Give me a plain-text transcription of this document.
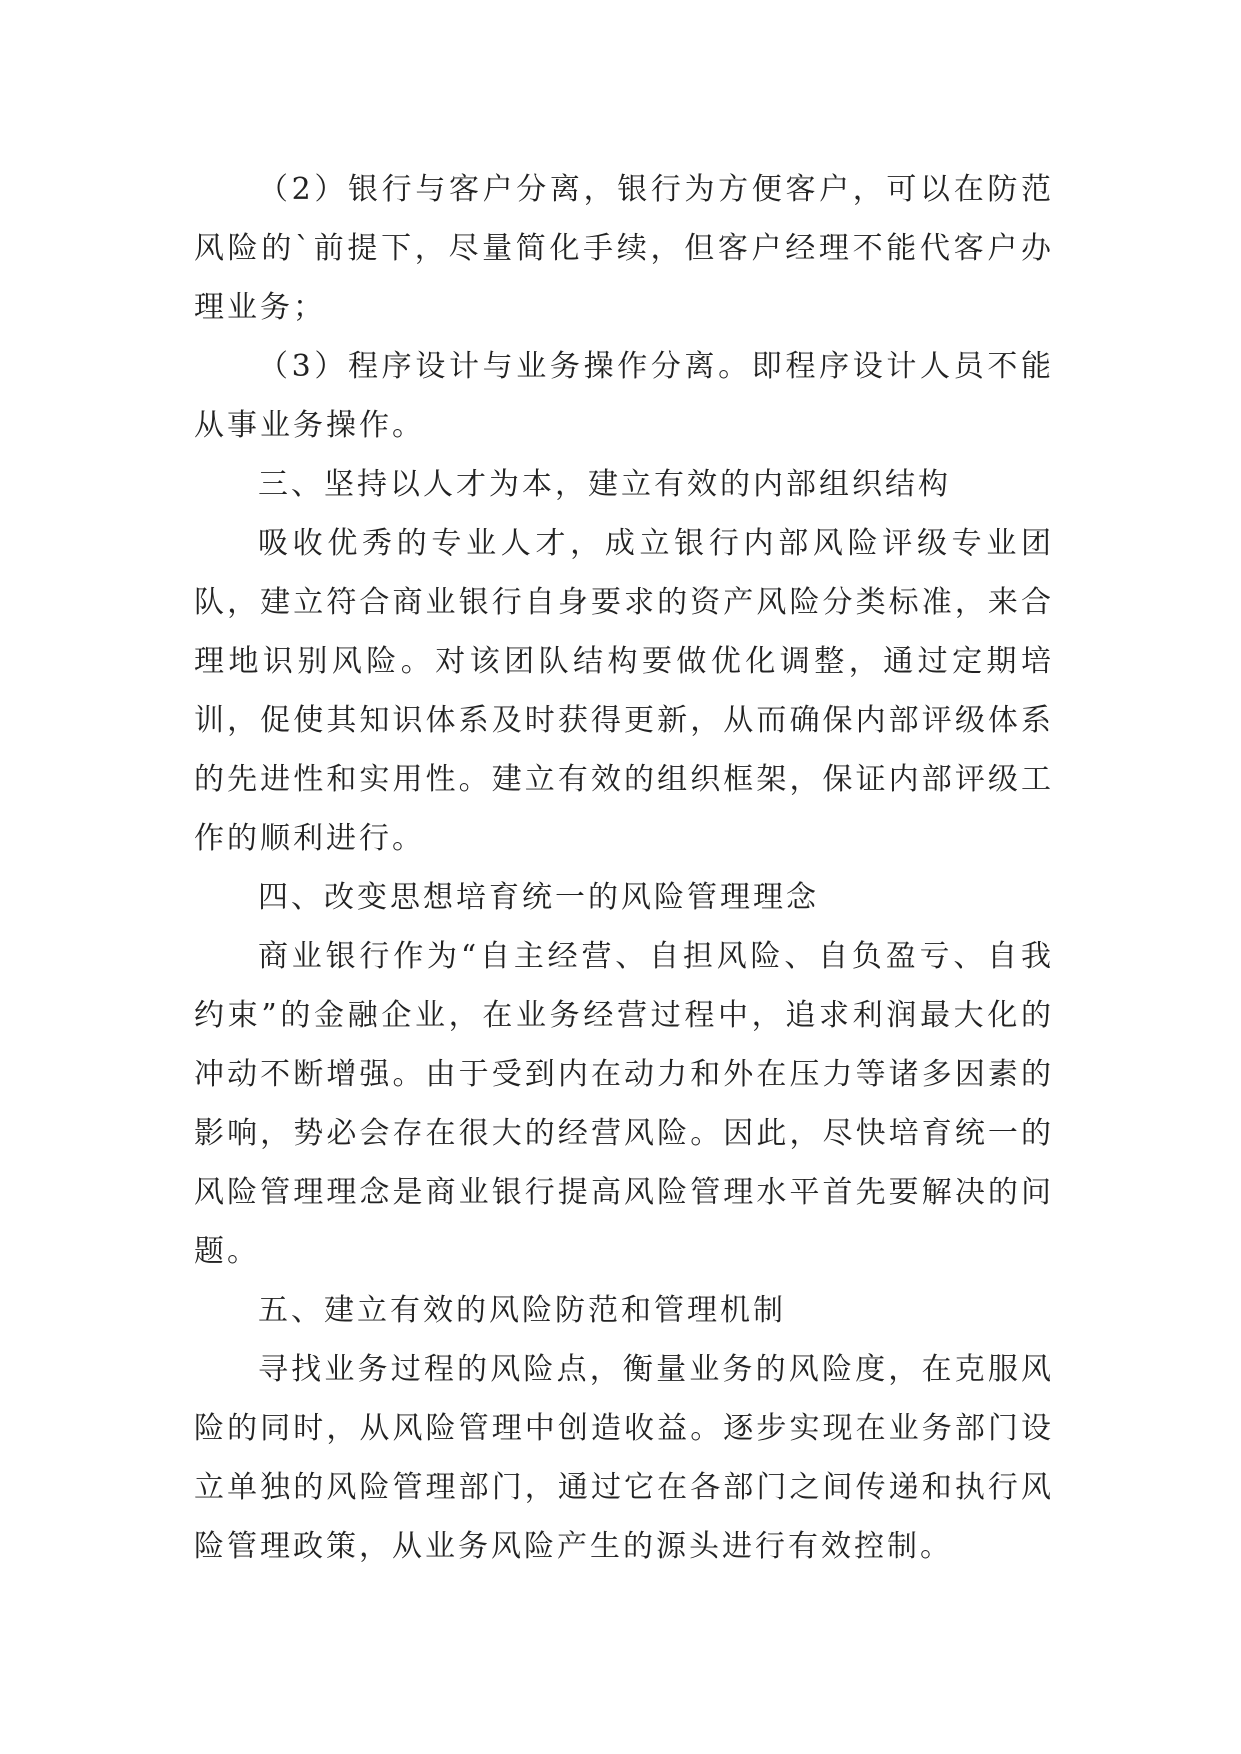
（2）银行与客户分离，银行为方便客户，可以在防范风险的`前提下，尽量简化手续，但客户经理不能代客户办理业务；

（3）程序设计与业务操作分离。即程序设计人员不能从事业务操作。

三、坚持以人才为本，建立有效的内部组织结构

吸收优秀的专业人才，成立银行内部风险评级专业团队，建立符合商业银行自身要求的资产风险分类标准，来合理地识别风险。对该团队结构要做优化调整，通过定期培训，促使其知识体系及时获得更新，从而确保内部评级体系的先进性和实用性。建立有效的组织框架，保证内部评级工作的顺利进行。

四、改变思想培育统一的风险管理理念

商业银行作为“自主经营、自担风险、自负盈亏、自我约束”的金融企业，在业务经营过程中，追求利润最大化的冲动不断增强。由于受到内在动力和外在压力等诸多因素的影响，势必会存在很大的经营风险。因此，尽快培育统一的风险管理理念是商业银行提高风险管理水平首先要解决的问题。

五、建立有效的风险防范和管理机制

寻找业务过程的风险点，衡量业务的风险度，在克服风险的同时，从风险管理中创造收益。逐步实现在业务部门设立单独的风险管理部门，通过它在各部门之间传递和执行风险管理政策，从业务风险产生的源头进行有效控制。
